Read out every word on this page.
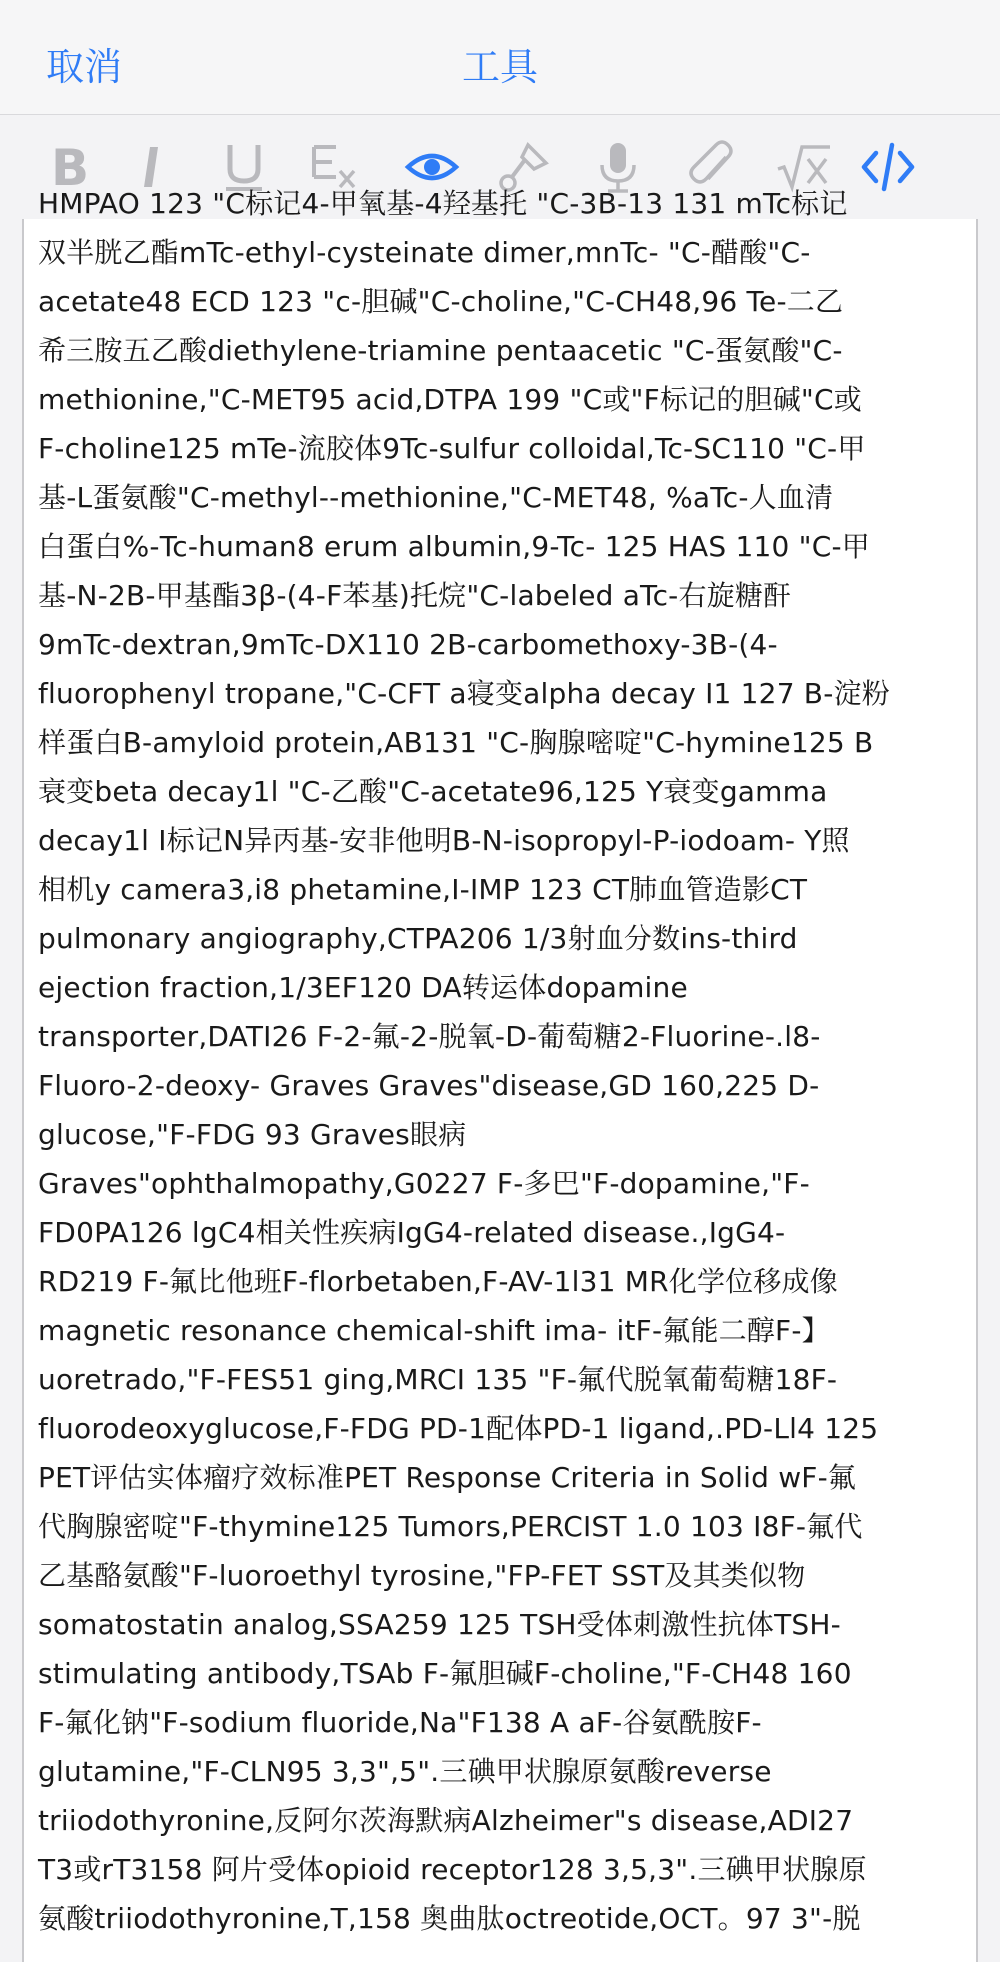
取消	工具
B
HMPAO 123 "C标记4-甲氧基-4羟基托 "C-3B-13 131 mTc标记
双半胱乙酯mTc-ethyl-cysteinate dimer,mnTc- "C-醋酸"C-
acetate48 ECD 123 "c-胆碱"C-choline,"C-CH48,96 Te-二乙
希三胺五乙酸diethylene-triamine pentaacetic "C-蛋氨酸"C-
methionine,"C-MET95 acid,DTPA 199 "C或"F标记的胆碱"C或
F-choline125 mTe-流胶体9Tc-sulfur colloidal,Tc-SC110 "C-甲
基-L蛋氨酸"C-methyl--methionine,"C-MET48, %aTc-人血清
白蛋白%-Tc-human8 erum albumin,9-Tc- 125 HAS 110 "C-甲
基-N-2B-甲基酯3β-(4-F苯基)托烷"C-labeled aTc-右旋糖酐
9mTc-dextran,9mTc-DX110 2B-carbomethoxy-3B-(4-
fluorophenyl tropane,"C-CFT a寝变alpha decay I1 127 B-淀粉
样蛋白B-amyloid protein,AB131 "C-胸腺嘧啶"C-hymine125 B
衰变beta decay1l "C-乙酸"C-acetate96,125 Y衰变gamma
decay1l I标记N异丙基-安非他明B-N-isopropyl-P-iodoam- Y照
相机y camera3,i8 phetamine,I-IMP 123 CT肺血管造影CT
pulmonary angiography,CTPA206 1/3射血分数ins-third
ejection fraction,1/3EF120 DA转运体dopamine
transporter,DATI26 F-2-氟-2-脱氧-D-葡萄糖2-Fluorine-.l8-
Fluoro-2-deoxy- Graves Graves"disease,GD 160,225 D-
glucose,"F-FDG 93 Graves眼病
Graves"ophthalmopathy,G0227 F-多巴"F-dopamine,"F-
FD0PA126 lgC4相关性疾病IgG4-related disease.,IgG4-
RD219 F-氟比他班F-florbetaben,F-AV-1l31 MR化学位移成像
magnetic resonance chemical-shift ima- itF-氟能二醇F-】
uoretrado,"F-FES51 ging,MRCI 135 "F-氟代脱氧葡萄糖18F-
fluorodeoxyglucose,F-FDG PD-1配体PD-1 ligand,.PD-Ll4 125
PET评估实体瘤疗效标准PET Response Criteria in Solid wF-氟
代胸腺密啶"F-thymine125 Tumors,PERCIST 1.0 103 I8F-氟代
乙基酪氨酸"F-luoroethyl tyrosine,"FP-FET SST及其类似物
somatostatin analog,SSA259 125 TSH受体刺激性抗体TSH-
stimulating antibody,TSAb F-氟胆碱F-choline,"F-CH48 160
F-氟化钠"F-sodium fluoride,Na"F138 A aF-谷氨酰胺F-
glutamine,"F-CLN95 3,3",5".三碘甲状腺原氨酸reverse
triiodothyronine,反阿尔茨海默病Alzheimer"s disease,ADI27
T3或rT3158 阿片受体opioid receptor128 3,5,3".三碘甲状腺原
氨酸triiodothyronine,T,158 奥曲肽octreotide,OCT。97 3"-脱
